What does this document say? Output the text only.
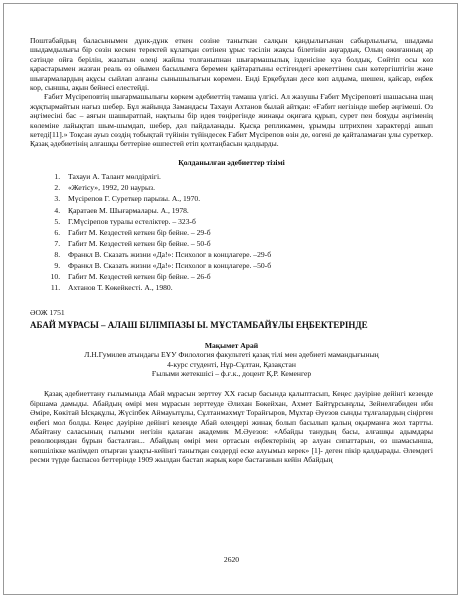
Поштабайдың баласынымен дұнк-дұнк еткен сөзіне таныткан салқын қандылығынан сабырлылығы, шыдамы шыдамдылығы бір сөзін кескен теректей кұлатқан сөтінен ұрыс тәсілін жақсы білетінін аңғардық. Олың ожиғанның әр сәтінде ойға берілін, жазатын өлеңі жайлы толғаныпнан шығармашылық ізденісіне куә болдық. Сөйтіп осы көз қарастарымен жазған реаль өз ойымен басылымға беремен қайтаратыны естігендегі әрекеттінен сын көтергіштігін және шығармалардың ақұсы сыйлап алғаны сынышылығын көремен. Енді Ерқебұлан десе көп алдыма, шешен, қайсар, еңбек кор, сыншы, ақын бейнесі елестейді.

Ғабит Мүсіреповтің шығармашылығы көркем әдебиеттің тамаша үлгісі. Ал жазушы Ғабит Мүсіреповті шашасына шаң жұқтырмайтын нағыз шебер. Бұл жайында Замандасы Тахауи Ахтанов былай айтқан: «Ғабит негізінде шебер әңгімеші. Оз әңгімесіні бас – аяғын шашыратпай, нақтылы бір идея төңірегінде жинақы оқиғаға құрып, сурет пен бояуды әңгіменің көлеміне лайықтап шым-шымдап, шебер, дәл пайдаланады. Қысқа репликамен, ұрымды штрихпен характерді ашып кетеді[11].» Тоқсан ауыз сөздің тобықтай түйінін түйіндесек Ғабит Мүсірепов өзін де, өзгені де қайталамаған ұлы суреткер. Қазақ әдебиетінің алғашқы беттеріне өшпестей етіп қолтаңбасын қалдырды.

Қолданылған әдебиеттер тізімі
1. Тахауи А. Талант мөлдірлігі.
2. «Жетісу», 1992, 20 наурыз.
3. Мүсірепов Г. Суреткер парызы. А., 1970.
4. Қаратаев М. Шығармалары. А., 1978.
5. Г.Мүсірепов туралы естеліктер. – 323-б
6. Габит М. Кездестей кеткен бір бейне. – 29-б
7. Габит М. Кездестей кеткен бір бейне. – 50-б
8. Франкл В. Сказать жизни «Да!»: Психолог в концлагере. –29-б
9. Франкл В. Сказать жизни «Да!»: Психолог в концлагере. –50-б
10. Габит М. Кездестей кеткен бір бейне. – 26-б
11. Ахтанов Т. Көкейкесті. А., 1980.
ӘОЖ 1751
АБАЙ МҰРАСЫ – АЛАШ БІЛІМПАЗЫ Ы. МҰСТАМБАЙҰЛЫ ЕҢБЕКТЕРІНДЕ
Мақымет Арай
Л.Н.Гумилев атындағы ЕҰУ Филология факультеті қазақ тілі мен әдебиеті мамандығының
4-курс студенті, Нұр-Сұлтан, Қазақстан
Ғылыми жетекшісі – ф.ғ.к., доцент Қ.Р. Кеменгер

Қазақ әдебиеттану ғылымында Абай мұрасын зерттеу XX ғасыр басында қалыптасып, Кеңес дәуіріне дейінгі кезеңде біршама дамыды. Абайдың өмірі мен мұрасын зерттеуде Әлихан Бөкейхан, Ахмет Байтұрсынұлы, Зейнелғабиден ибн Әміре, Көкітай Ысқақұлы, Жүсіпбек Аймауытұлы, Сұлтанмахмұт Торайғыров, Мұхтар Әуезов сынды тұлғалардың сіңірген еңбегі мол болды. Кеңес дәуіріне дейінгі кезеңде Абай өлеңдері жинақ болып басылып қалың оқырманға жол тартты. Абайтану саласының ғылыми негізін қалаған академик М.Әуезов: «Абайды танудың басы, алғашқы адымдары революциядан бұрын басталған... Абайдың өмірі мен ортасын еңбектерінің әр алуан сипаттарын, өз шамасынша, көпшілікке мәлімдеп отырған ұзақты-кейінгі танытқан сөздерді еске алуымыз керек» [1]- деген пікір қалдырады. Әлемдегі ресми түрде баспасөз беттерінде 1909 жылдан бастап жарық көре бастағанын кейін Абайдың

2620
